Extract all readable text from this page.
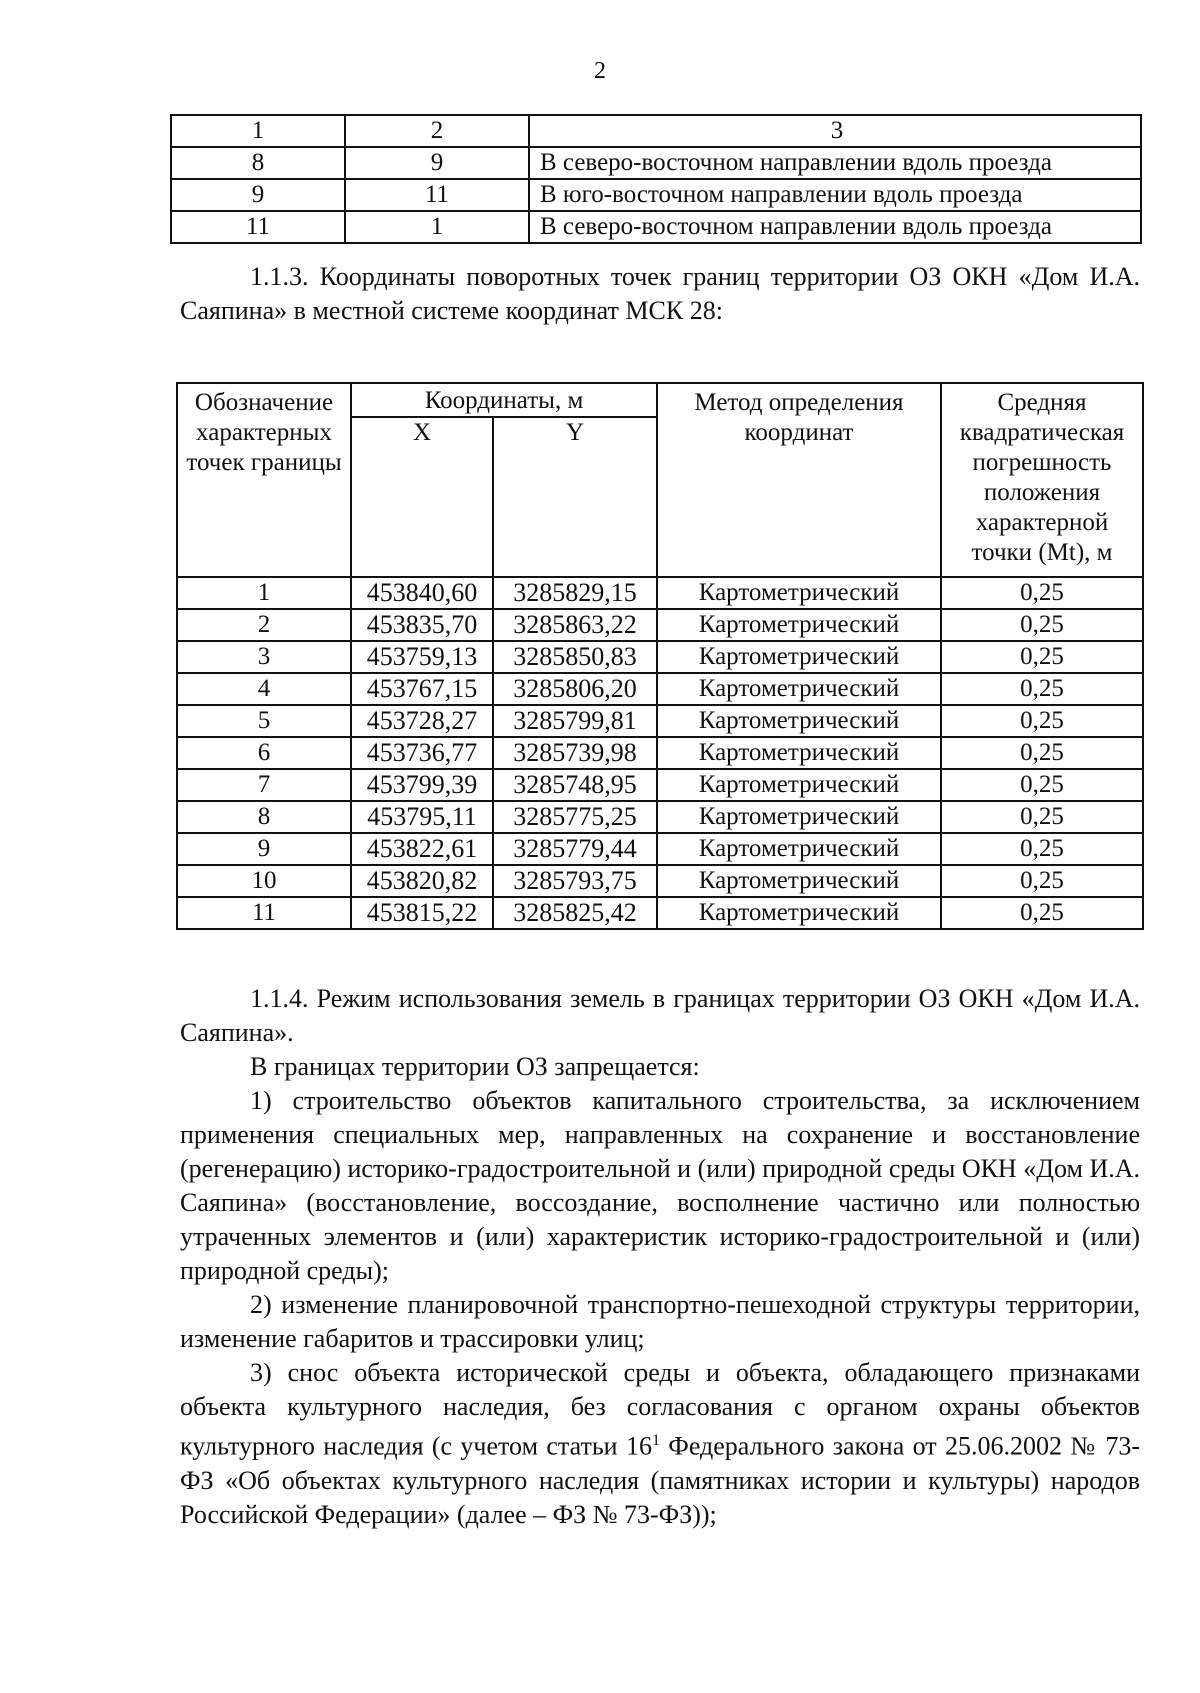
2
1	2	3
8	9	В северо-восточном направлении вдоль проезда
9	11	В юго-восточном направлении вдоль проезда
11	1	В северо-восточном направлении вдоль проезда

1.1.3. Координаты поворотных точек границ территории ОЗ ОКН «Дом И.А. Саяпина» в местной системе координат МСК 28:

Обозначение характерных точек границы	Координаты, м		Метод определения координат	Средняя квадратическая погрешность положения характерной точки (Mt), м
	X	Y		
1	453840,60	3285829,15	Картометрический	0,25
2	453835,70	3285863,22	Картометрический	0,25
3	453759,13	3285850,83	Картометрический	0,25
4	453767,15	3285806,20	Картометрический	0,25
5	453728,27	3285799,81	Картометрический	0,25
6	453736,77	3285739,98	Картометрический	0,25
7	453799,39	3285748,95	Картометрический	0,25
8	453795,11	3285775,25	Картометрический	0,25
9	453822,61	3285779,44	Картометрический	0,25
10	453820,82	3285793,75	Картометрический	0,25
11	453815,22	3285825,42	Картометрический	0,25

1.1.4. Режим использования земель в границах территории ОЗ ОКН «Дом И.А. Саяпина».

В границах территории ОЗ запрещается:

1) строительство объектов капитального строительства, за исключением применения специальных мер, направленных на сохранение и восстановление (регенерацию) историко-градостроительной и (или) природной среды ОКН «Дом И.А. Саяпина» (восстановление, воссоздание, восполнение частично или полностью утраченных элементов и (или) характеристик историко-градостроительной и (или) природной среды);

2) изменение планировочной транспортно-пешеходной структуры территории, изменение габаритов и трассировки улиц;

3) снос объекта исторической среды и объекта, обладающего признаками объекта культурного наследия, без согласования с органом охраны объектов культурного наследия (с учетом статьи $16^1$ Федерального закона от 25.06.2002 № 73-ФЗ «Об объектах культурного наследия (памятниках истории и культуры) народов Российской Федерации» (далее – ФЗ № 73-ФЗ));
